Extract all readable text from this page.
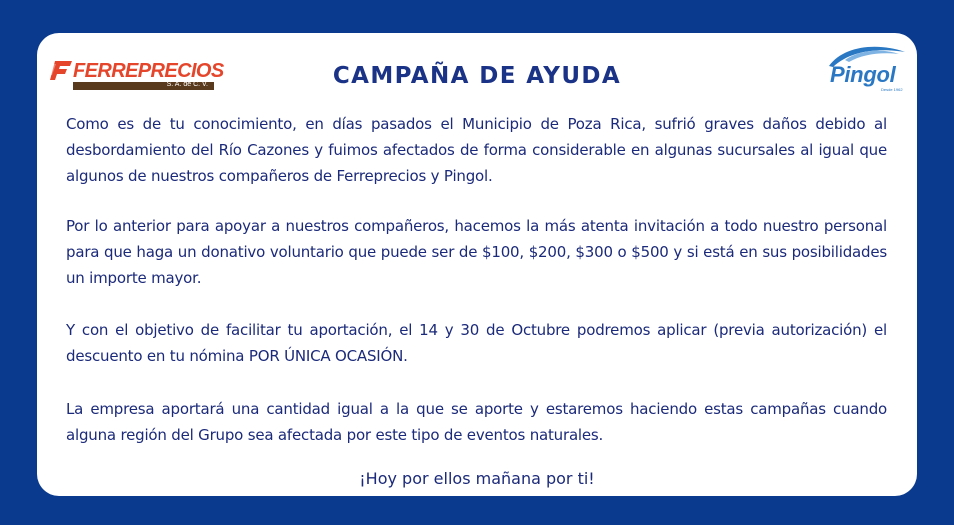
FERREPRECIOS
S. A. de C. V.	CAMPAÑA DE AYUDA	Pingol
Desde 1962

Como es de tu conocimiento, en días pasados el Municipio de Poza Rica, sufrió graves daños debido al desbordamiento del Río Cazones y fuimos afectados de forma considerable en algunas sucursales al igual que algunos de nuestros compañeros de Ferreprecios y Pingol.

Por lo anterior para apoyar a nuestros compañeros, hacemos la más atenta invitación a todo nuestro personal para que haga un donativo voluntario que puede ser de $100, $200, $300 o $500 y si está en sus posibilidades un importe mayor.

Y con el objetivo de facilitar tu aportación, el 14 y 30 de Octubre podremos aplicar (previa autorización) el descuento en tu nómina POR ÚNICA OCASIÓN.

La empresa aportará una cantidad igual a la que se aporte y estaremos haciendo estas campañas cuando alguna región del Grupo sea afectada por este tipo de eventos naturales.

¡Hoy por ellos mañana por ti!
